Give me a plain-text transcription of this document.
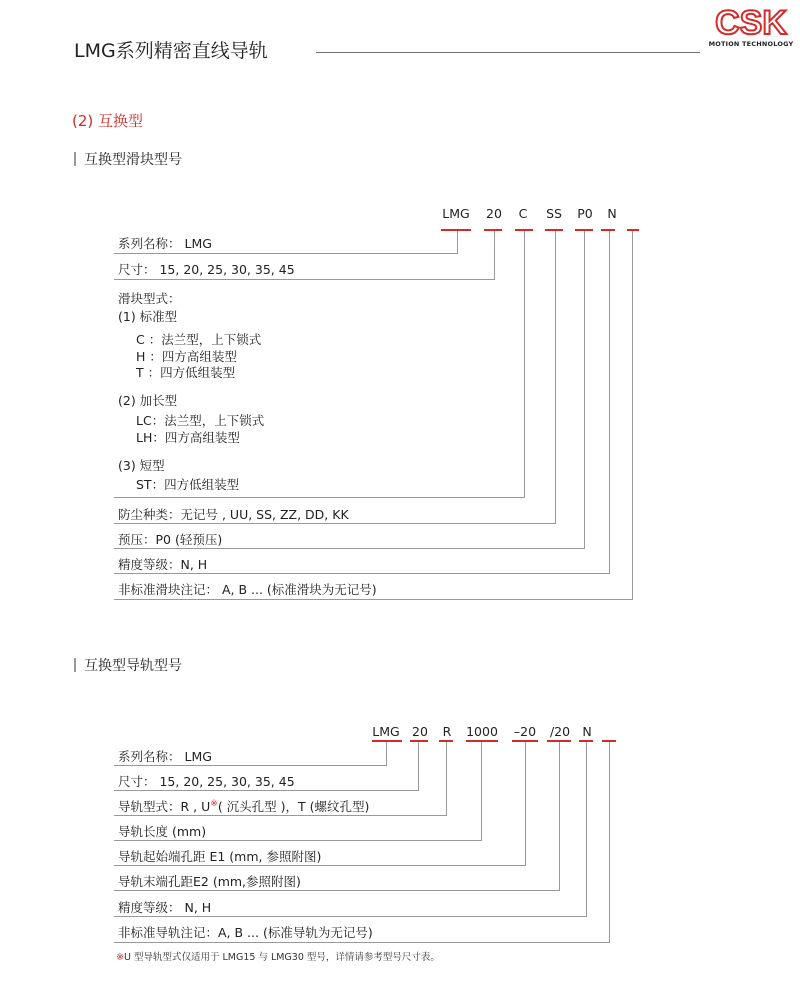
LMG系列精密直线导轨
CSK
MOTION TECHNOLOGY
(2) 互换型
互换型滑块型号
LMG	20	C	SS	P0	N
系列名称： LMG
尺寸： 15, 20, 25, 30, 35, 45
滑块型式：
(1) 标准型
C ：法兰型，上下锁式
H ：四方高组装型
T ：四方低组装型
(2) 加长型
LC：法兰型，上下锁式
LH：四方高组装型
(3) 短型
ST：四方低组装型
防尘种类：无记号 , UU, SS, ZZ, DD, KK
预压：P0 (轻预压)
精度等级：N, H
非标准滑块注记： A, B ... (标准滑块为无记号)
互换型导轨型号
LMG 20	R	1000	–20	/20 N
系列名称： LMG
尺寸： 15, 20, 25, 30, 35, 45
导轨型式：R , U※( 沉头孔型 )，T (螺纹孔型)
导轨长度 (mm)
导轨起始端孔距 E1 (mm, 参照附图)
导轨末端孔距E2 (mm,参照附图)
精度等级： N, H
非标准导轨注记：A, B ... (标准导轨为无记号)
※U 型导轨型式仅适用于 LMG15 与 LMG30 型号，详情请参考型号尺寸表。
